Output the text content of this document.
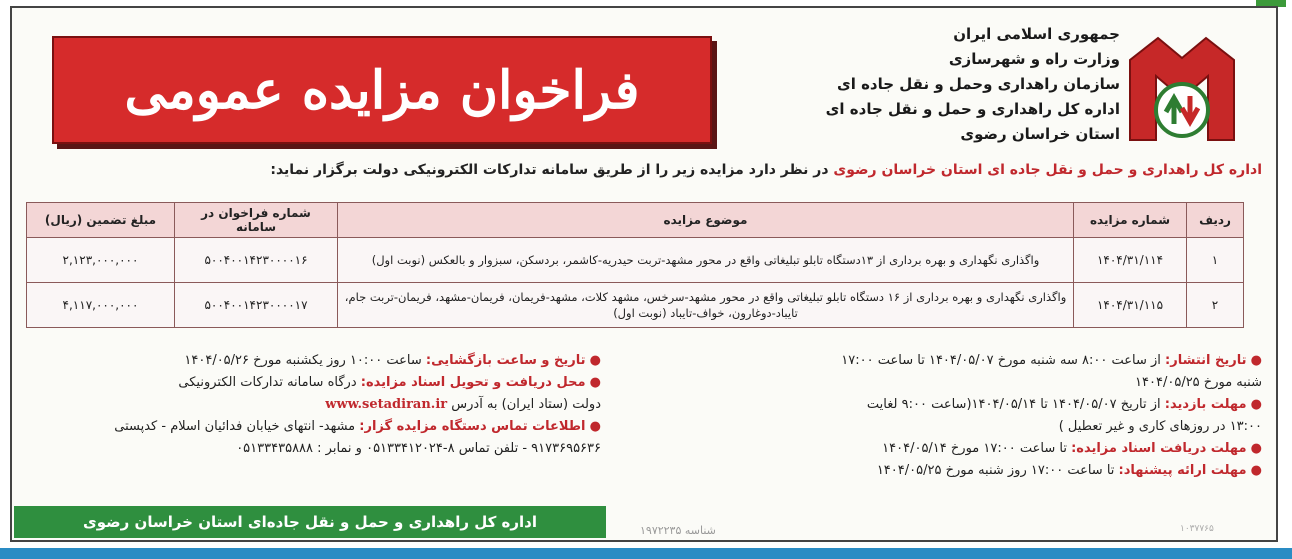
جمهوری اسلامی ایران
وزارت راه و شهرسازی
سازمان راهداری وحمل و نقل جاده ای
اداره کل راهداری و حمل و نقل جاده ای
استان خراسان رضوی
فراخوان مزایده عمومی
اداره کل راهداری و حمل و نقل جاده ای استان خراسان رضوی در نظر دارد مزایده زیر را از طریق سامانه تدارکات الکترونیکی دولت برگزار نماید:
ردیف	شماره مزایده	موضوع مزایده	شماره فراخوان در سامانه	مبلغ تضمین (ریال)
۱	۱۴۰۴/۳۱/۱۱۴	واگذاری نگهداری و بهره برداری از ۱۳دستگاه تابلو تبلیغاتی واقع در محور مشهد-تربت حیدریه-کاشمر، بردسکن، سبزوار و بالعکس (نوبت اول)	۵۰۰۴۰۰۱۴۲۳۰۰۰۰۱۶	۲,۱۲۳,۰۰۰,۰۰۰
۲	۱۴۰۴/۳۱/۱۱۵	واگذاری نگهداری و بهره برداری از ۱۶ دستگاه تابلو تبلیغاتی واقع در محور مشهد-سرخس، مشهد کلات، مشهد-فریمان، فریمان-مشهد، فریمان-تربت جام، تایباد-دوغارون، خواف-تایباد (نوبت اول)	۵۰۰۴۰۰۱۴۲۳۰۰۰۰۱۷	۴,۱۱۷,۰۰۰,۰۰۰
● تاریخ انتشار: از ساعت ۸:۰۰ سه شنبه مورخ ۱۴۰۴/۰۵/۰۷ تا ساعت ۱۷:۰۰
شنبه مورخ ۱۴۰۴/۰۵/۲۵
● مهلت بازدید: از تاریخ ۱۴۰۴/۰۵/۰۷ تا ۱۴۰۴/۰۵/۱۴(ساعت ۹:۰۰ لغایت
۱۳:۰۰ در روزهای کاری و غیر تعطیل )
● مهلت دریافت اسناد مزایده: تا ساعت ۱۷:۰۰ مورخ ۱۴۰۴/۰۵/۱۴
● مهلت ارائه پیشنهاد: تا ساعت ۱۷:۰۰ روز شنبه مورخ ۱۴۰۴/۰۵/۲۵
● تاریخ و ساعت بازگشایی: ساعت ۱۰:۰۰ روز یکشنبه مورخ ۱۴۰۴/۰۵/۲۶
● محل دریافت و تحویل اسناد مزایده: درگاه سامانه تدارکات الکترونیکی
دولت (ستاد ایران) به آدرس www.setadiran.ir
● اطلاعات تماس دستگاه مزایده گزار: مشهد- انتهای خیابان فدائیان اسلام - کدپستی
۹۱۷۳۶۹۵۶۳۶ - تلفن تماس ۸-۰۵۱۳۳۴۱۲۰۲۴ و نمابر : ۰۵۱۳۳۴۳۵۸۸۸
اداره کل راهداری و حمل و نقل جاده‌ای استان خراسان رضوی	شناسه ۱۹۷۲۲۳۵	۱۰۳۷۷۶۵
